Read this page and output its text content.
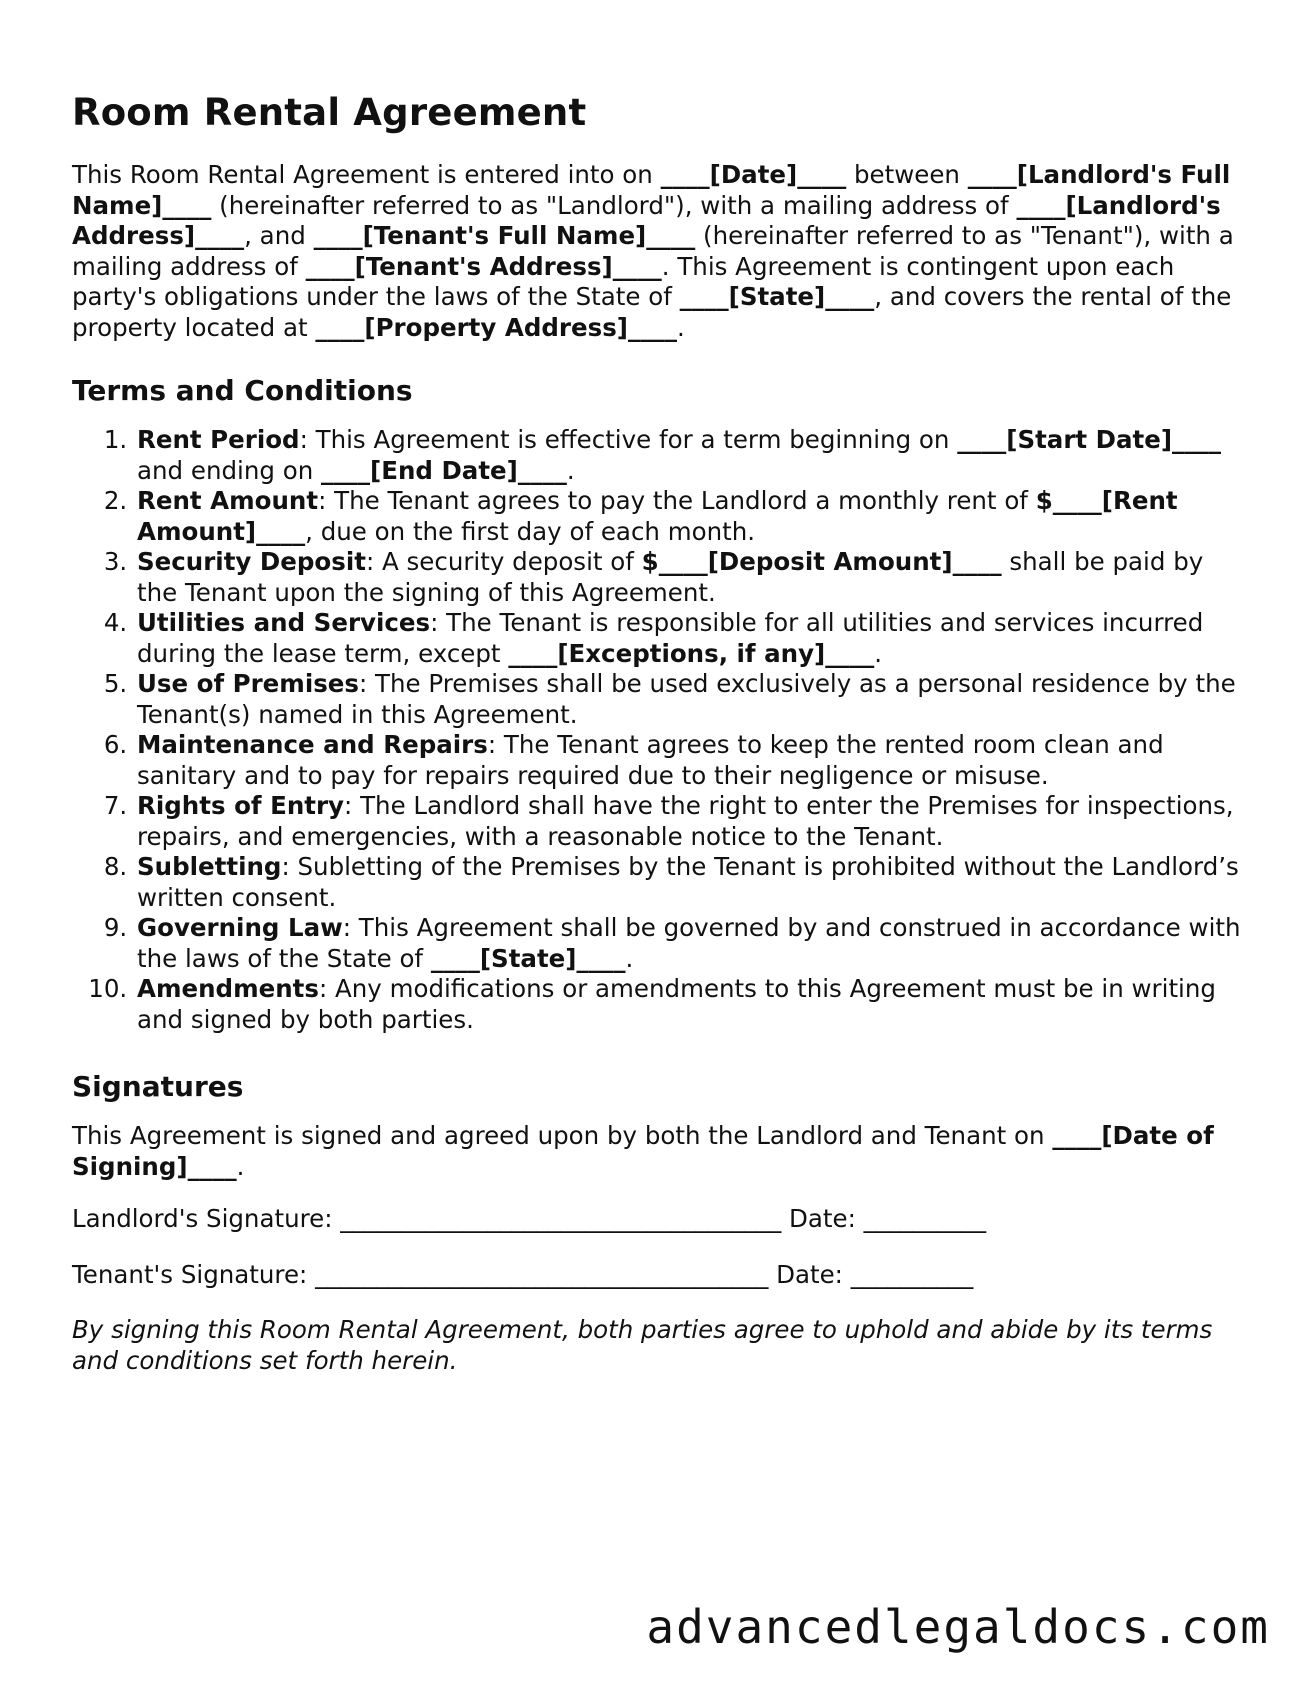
Room Rental Agreement

This Room Rental Agreement is entered into on ____[Date]____ between ____[Landlord's Full Name]____ (hereinafter referred to as "Landlord"), with a mailing address of ____[Landlord's Address]____, and ____[Tenant's Full Name]____ (hereinafter referred to as "Tenant"), with a mailing address of ____[Tenant's Address]____. This Agreement is contingent upon each party's obligations under the laws of the State of ____[State]____, and covers the rental of the property located at ____[Property Address]____.

Terms and Conditions
1. Rent Period: This Agreement is effective for a term beginning on ____[Start Date]____ and ending on ____[End Date]____.
2. Rent Amount: The Tenant agrees to pay the Landlord a monthly rent of $____[Rent Amount]____, due on the first day of each month.
3. Security Deposit: A security deposit of $____[Deposit Amount]____ shall be paid by the Tenant upon the signing of this Agreement.
4. Utilities and Services: The Tenant is responsible for all utilities and services incurred during the lease term, except ____[Exceptions, if any]____.
5. Use of Premises: The Premises shall be used exclusively as a personal residence by the Tenant(s) named in this Agreement.
6. Maintenance and Repairs: The Tenant agrees to keep the rented room clean and sanitary and to pay for repairs required due to their negligence or misuse.
7. Rights of Entry: The Landlord shall have the right to enter the Premises for inspections, repairs, and emergencies, with a reasonable notice to the Tenant.
8. Subletting: Subletting of the Premises by the Tenant is prohibited without the Landlord’s written consent.
9. Governing Law: This Agreement shall be governed by and construed in accordance with the laws of the State of ____[State]____.
10. Amendments: Any modifications or amendments to this Agreement must be in writing and signed by both parties.
Signatures

This Agreement is signed and agreed upon by both the Landlord and Tenant on ____[Date of Signing]____.

Landlord's Signature: ____________________________________ Date: __________

Tenant's Signature: _____________________________________ Date: __________

By signing this Room Rental Agreement, both parties agree to uphold and abide by its terms and conditions set forth herein.

advancedlegaldocs.com
